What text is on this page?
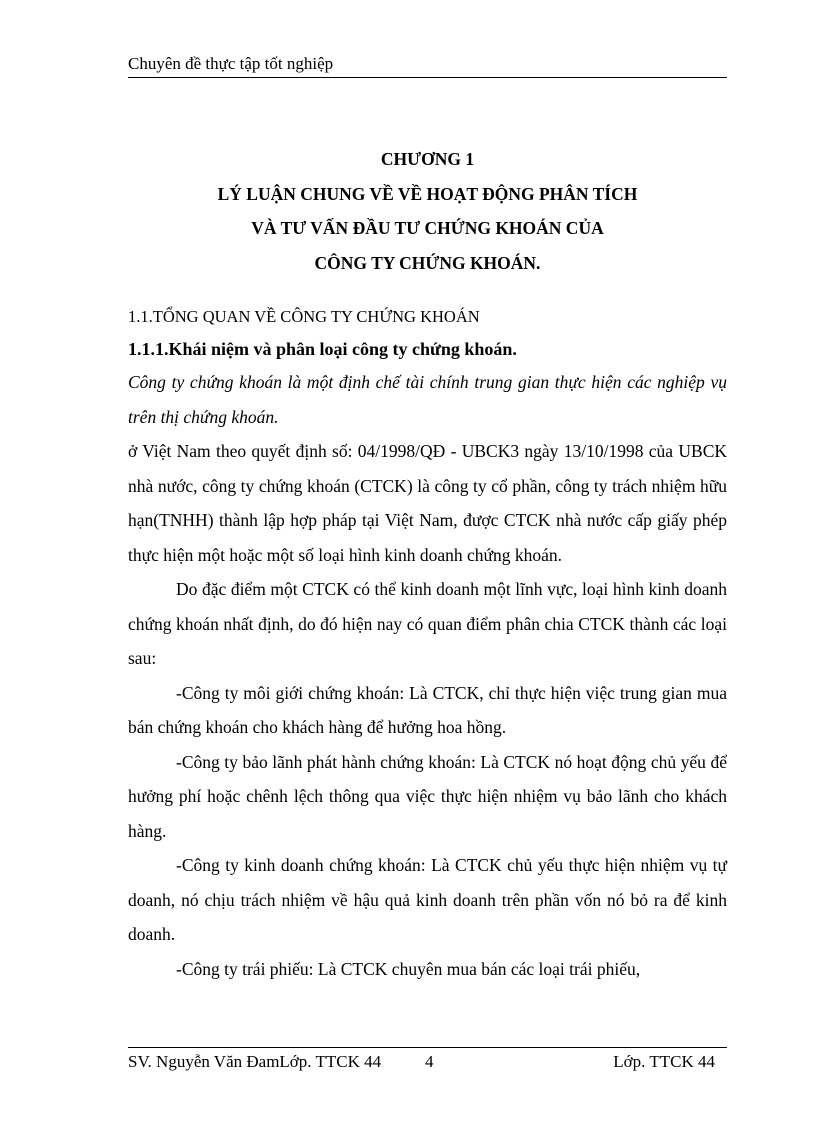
Chuyên đề thực tập tốt nghiệp
CHƯƠNG 1
LÝ LUẬN CHUNG VỀ VỀ HOẠT ĐỘNG PHÂN TÍCH
VÀ TƯ VẤN ĐẦU TƯ CHỨNG KHOÁN CỦA
CÔNG TY CHỨNG KHOÁN.
1.1.TỔNG QUAN VỀ CÔNG TY CHỨNG KHOÁN
1.1.1.Khái niệm và phân loại công ty chứng khoán.

Công ty chứng khoán là một định chế tài chính trung gian thực hiện các nghiệp vụ trên thị chứng khoán.

ở Việt Nam theo quyết định số: 04/1998/QĐ - UBCK3 ngày 13/10/1998 của UBCK nhà nước, công ty chứng khoán (CTCK) là công ty cổ phần, công ty trách nhiệm hữu hạn(TNHH) thành lập hợp pháp tại Việt Nam, được CTCK nhà nước cấp giấy phép thực hiện một hoặc một số loại hình kinh doanh chứng khoán.

Do đặc điểm một CTCK có thể kinh doanh một lĩnh vực, loại hình kinh doanh chứng khoán nhất định, do đó hiện nay có quan điểm phân chia CTCK thành các loại sau:

-Công ty môi giới chứng khoán: Là CTCK, chỉ thực hiện việc trung gian mua bán chứng khoán cho khách hàng để hưởng hoa hồng.

-Công ty bảo lãnh phát hành chứng khoán: Là CTCK nó hoạt động chủ yếu để hưởng phí hoặc chênh lệch thông qua việc thực hiện nhiệm vụ bảo lãnh cho khách hàng.

-Công ty kinh doanh chứng khoán: Là CTCK chủ yếu thực hiện nhiệm vụ tự doanh, nó chịu trách nhiệm về hậu quả kinh doanh trên phần vốn nó bỏ ra để kinh doanh.

-Công ty trái phiếu: Là CTCK chuyên mua bán các loại trái phiếu,

SV. Nguyễn Văn ĐamLớp. TTCK 44	4	Lớp. TTCK 44
